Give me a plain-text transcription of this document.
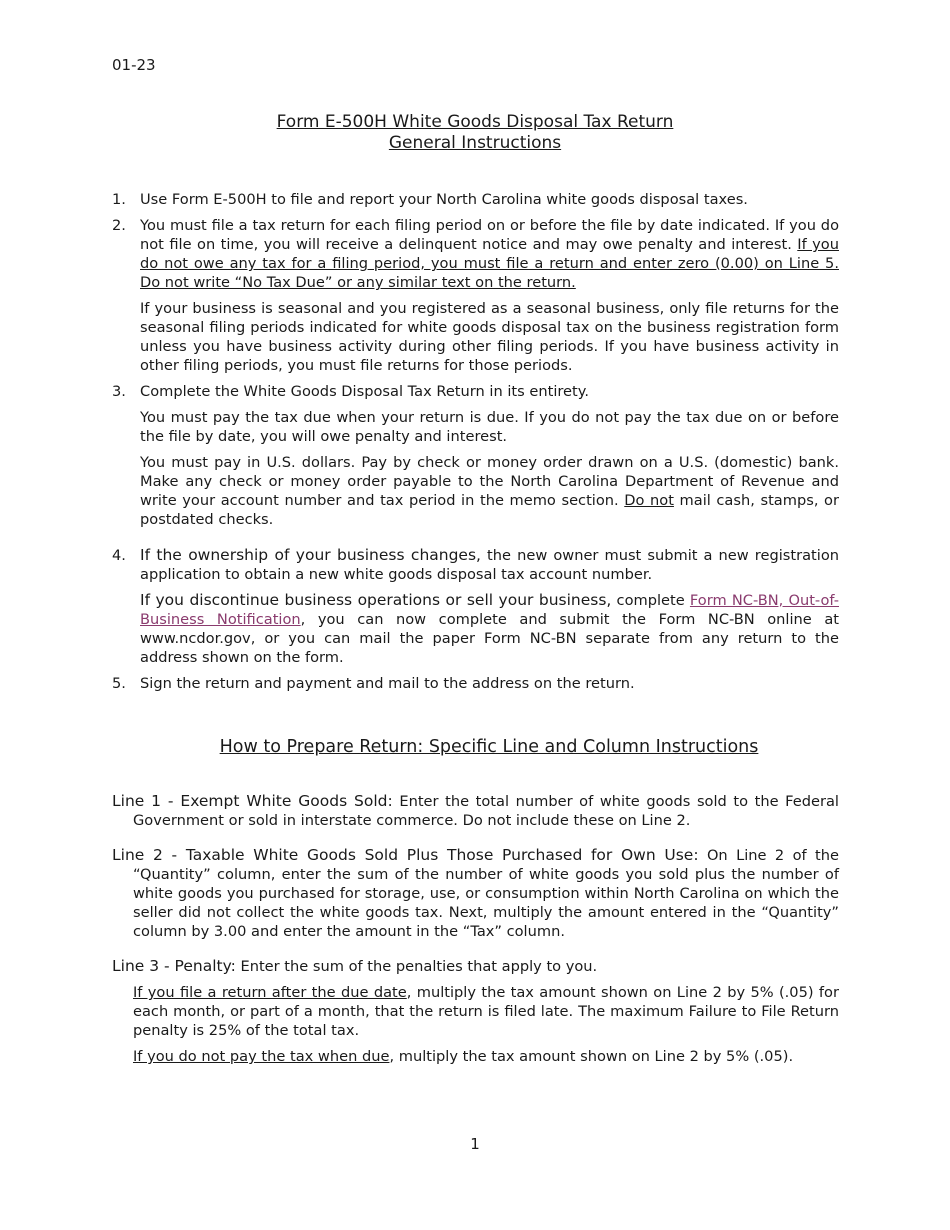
01-23
Form E-500H White Goods Disposal Tax Return
General Instructions
1. Use Form E-500H to file and report your North Carolina white goods disposal taxes.

2. You must file a tax return for each filing period on or before the file by date indicated. If you do not file on time, you will receive a delinquent notice and may owe penalty and interest. If you do not owe any tax for a filing period, you must file a return and enter zero (0.00) on Line 5. Do not write “No Tax Due” or any similar text on the return.

If your business is seasonal and you registered as a seasonal business, only file returns for the seasonal filing periods indicated for white goods disposal tax on the business registration form unless you have business activity during other filing periods. If you have business activity in other filing periods, you must file returns for those periods.

3. Complete the White Goods Disposal Tax Return in its entirety.

You must pay the tax due when your return is due. If you do not pay the tax due on or before the file by date, you will owe penalty and interest.

You must pay in U.S. dollars. Pay by check or money order drawn on a U.S. (domestic) bank. Make any check or money order payable to the North Carolina Department of Revenue and write your account number and tax period in the memo section. Do not mail cash, stamps, or postdated checks.

4. If the ownership of your business changes, the new owner must submit a new registration application to obtain a new white goods disposal tax account number.

If you discontinue business operations or sell your business, complete Form NC-BN, Out-of-Business Notification, you can now complete and submit the Form NC-BN online at www.ncdor.gov, or you can mail the paper Form NC-BN separate from any return to the address shown on the form.

5. Sign the return and payment and mail to the address on the return.

How to Prepare Return: Specific Line and Column Instructions

Line 1 - Exempt White Goods Sold: Enter the total number of white goods sold to the Federal Government or sold in interstate commerce. Do not include these on Line 2.

Line 2 - Taxable White Goods Sold Plus Those Purchased for Own Use: On Line 2 of the “Quantity” column, enter the sum of the number of white goods you sold plus the number of white goods you purchased for storage, use, or consumption within North Carolina on which the seller did not collect the white goods tax. Next, multiply the amount entered in the “Quantity” column by 3.00 and enter the amount in the “Tax” column.

Line 3 - Penalty: Enter the sum of the penalties that apply to you.

If you file a return after the due date, multiply the tax amount shown on Line 2 by 5% (.05) for each month, or part of a month, that the return is filed late. The maximum Failure to File Return penalty is 25% of the total tax.

If you do not pay the tax when due, multiply the tax amount shown on Line 2 by 5% (.05).

1
